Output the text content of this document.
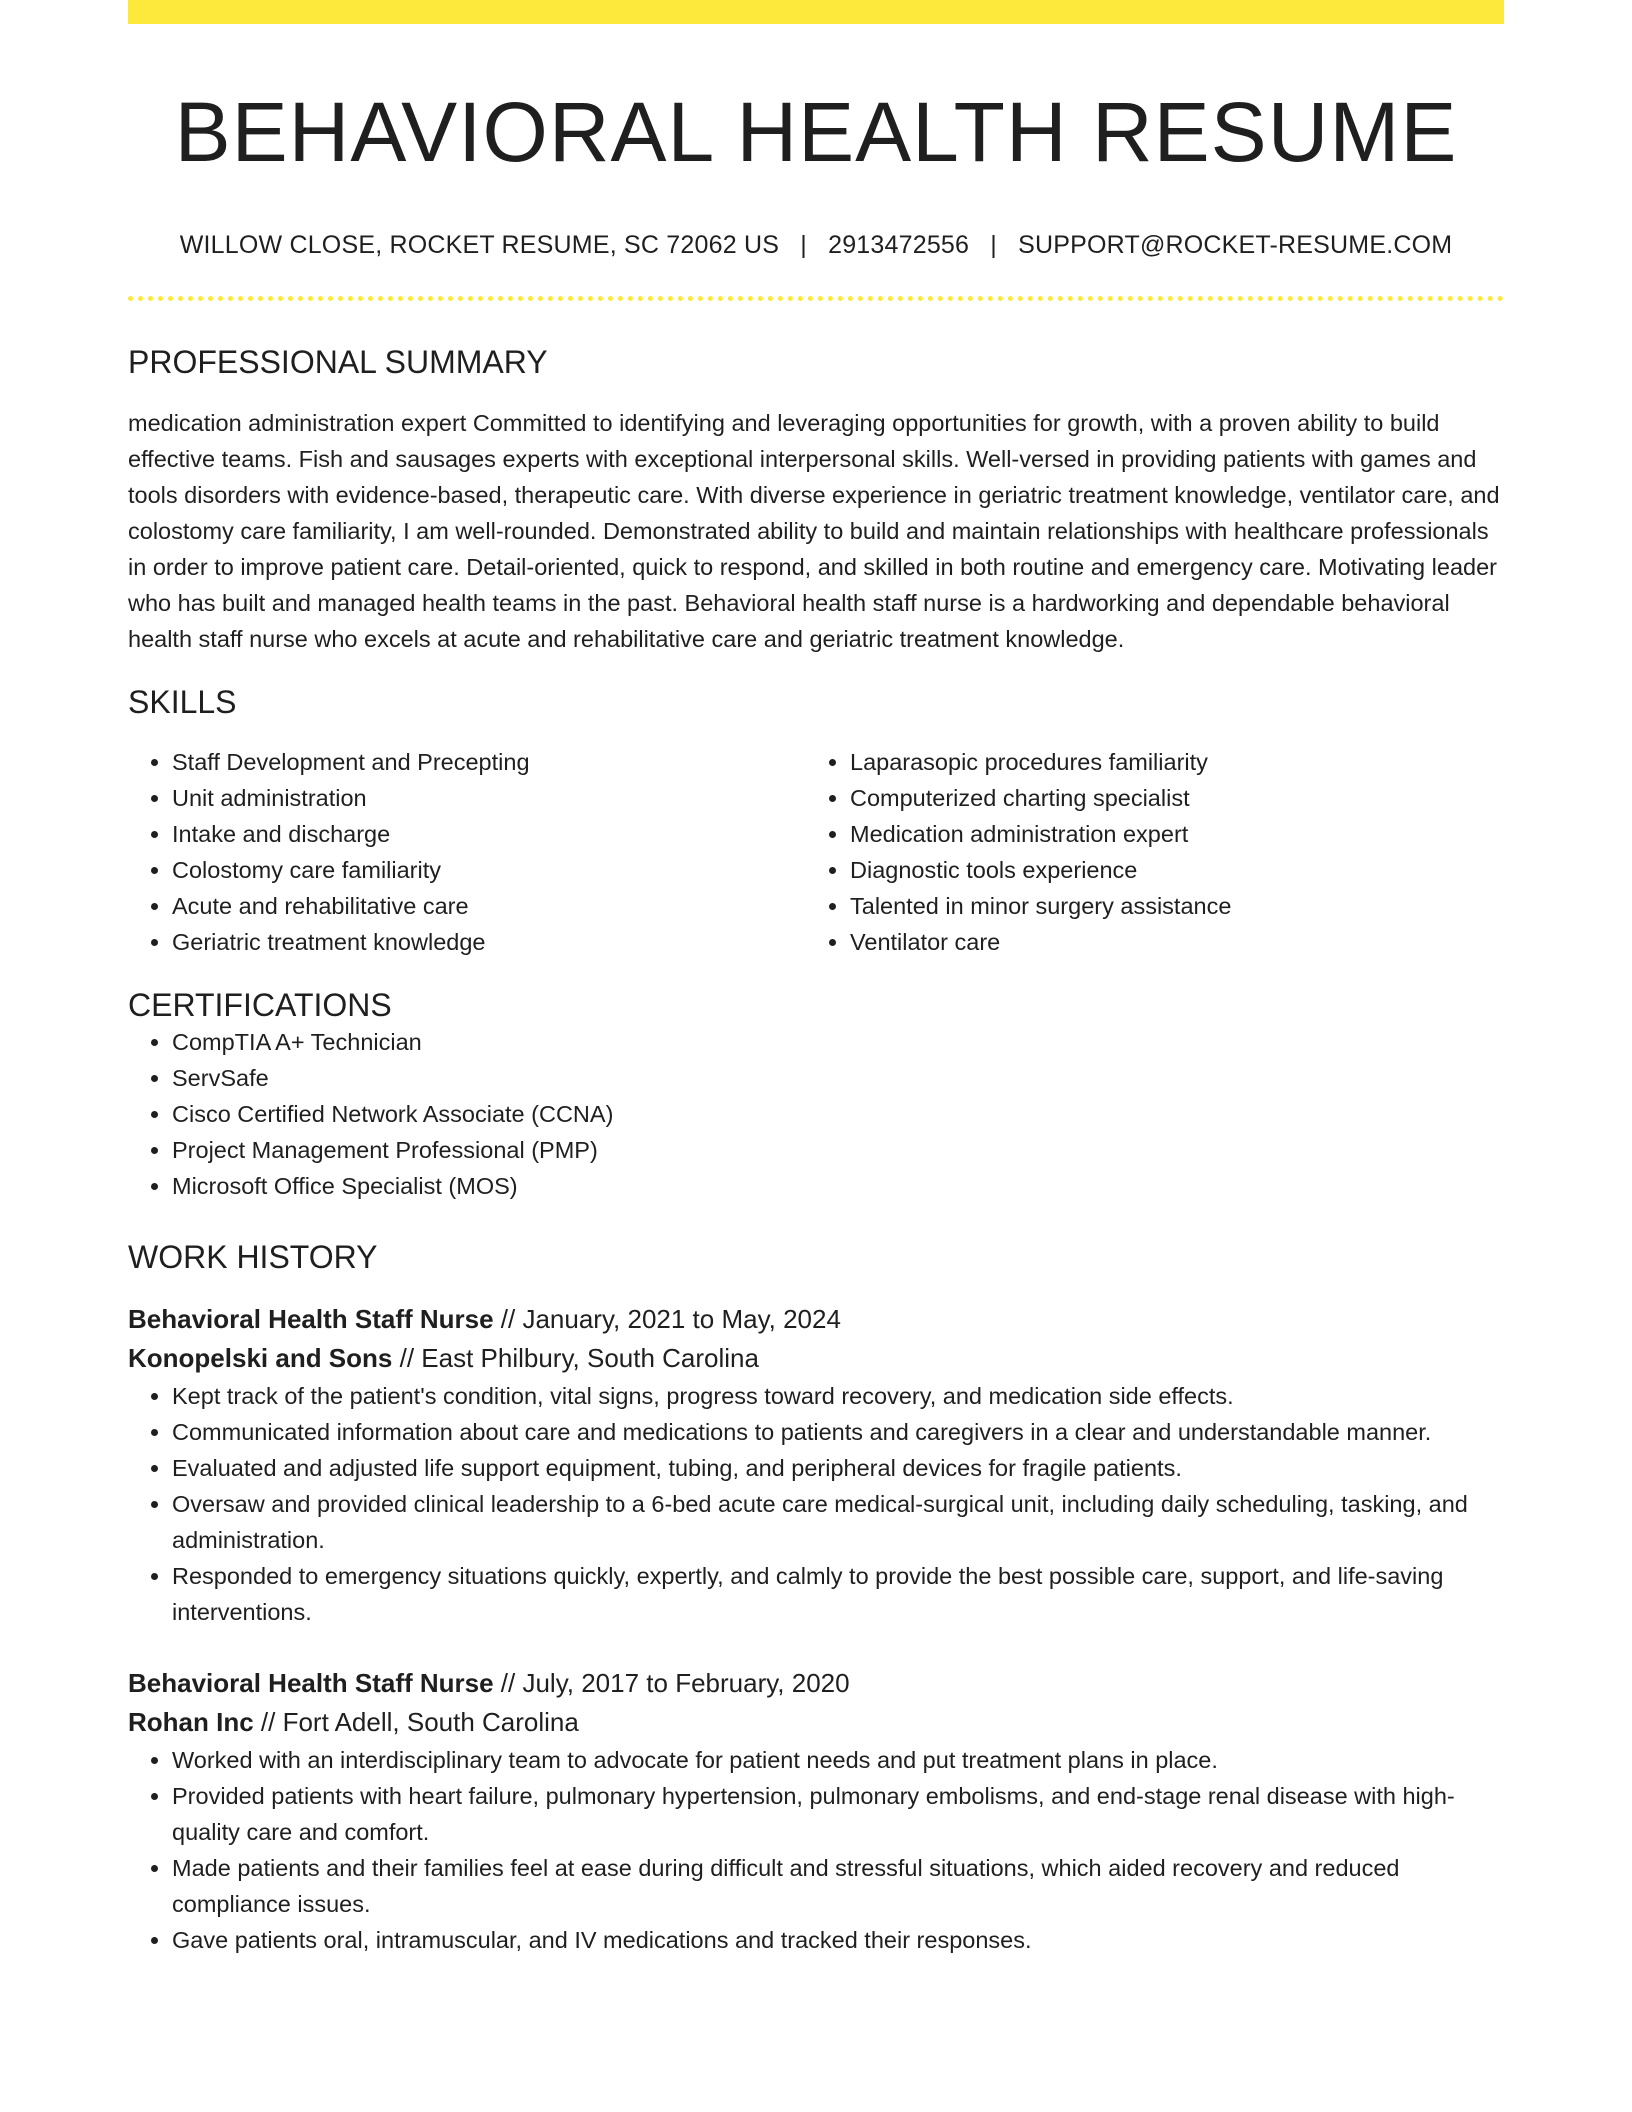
BEHAVIORAL HEALTH RESUME
WILLOW CLOSE, ROCKET RESUME, SC 72062 US | 2913472556 | SUPPORT@ROCKET-RESUME.COM
PROFESSIONAL SUMMARY
medication administration expert Committed to identifying and leveraging opportunities for growth, with a proven ability to build effective teams. Fish and sausages experts with exceptional interpersonal skills. Well-versed in providing patients with games and tools disorders with evidence-based, therapeutic care. With diverse experience in geriatric treatment knowledge, ventilator care, and colostomy care familiarity, I am well-rounded. Demonstrated ability to build and maintain relationships with healthcare professionals in order to improve patient care. Detail-oriented, quick to respond, and skilled in both routine and emergency care. Motivating leader who has built and managed health teams in the past. Behavioral health staff nurse is a hardworking and dependable behavioral health staff nurse who excels at acute and rehabilitative care and geriatric treatment knowledge.
SKILLS
• Staff Development and Precepting
• Unit administration
• Intake and discharge
• Colostomy care familiarity
• Acute and rehabilitative care
• Geriatric treatment knowledge
• Laparasopic procedures familiarity
• Computerized charting specialist
• Medication administration expert
• Diagnostic tools experience
• Talented in minor surgery assistance
• Ventilator care
CERTIFICATIONS
• CompTIA A+ Technician
• ServSafe
• Cisco Certified Network Associate (CCNA)
• Project Management Professional (PMP)
• Microsoft Office Specialist (MOS)
WORK HISTORY
Behavioral Health Staff Nurse // January, 2021 to May, 2024
Konopelski and Sons // East Philbury, South Carolina
• Kept track of the patient's condition, vital signs, progress toward recovery, and medication side effects.
• Communicated information about care and medications to patients and caregivers in a clear and understandable manner.
• Evaluated and adjusted life support equipment, tubing, and peripheral devices for fragile patients.
• Oversaw and provided clinical leadership to a 6-bed acute care medical-surgical unit, including daily scheduling, tasking, and administration.
• Responded to emergency situations quickly, expertly, and calmly to provide the best possible care, support, and life-saving interventions.
Behavioral Health Staff Nurse // July, 2017 to February, 2020
Rohan Inc // Fort Adell, South Carolina
• Worked with an interdisciplinary team to advocate for patient needs and put treatment plans in place.
• Provided patients with heart failure, pulmonary hypertension, pulmonary embolisms, and end-stage renal disease with high-quality care and comfort.
• Made patients and their families feel at ease during difficult and stressful situations, which aided recovery and reduced compliance issues.
• Gave patients oral, intramuscular, and IV medications and tracked their responses.
